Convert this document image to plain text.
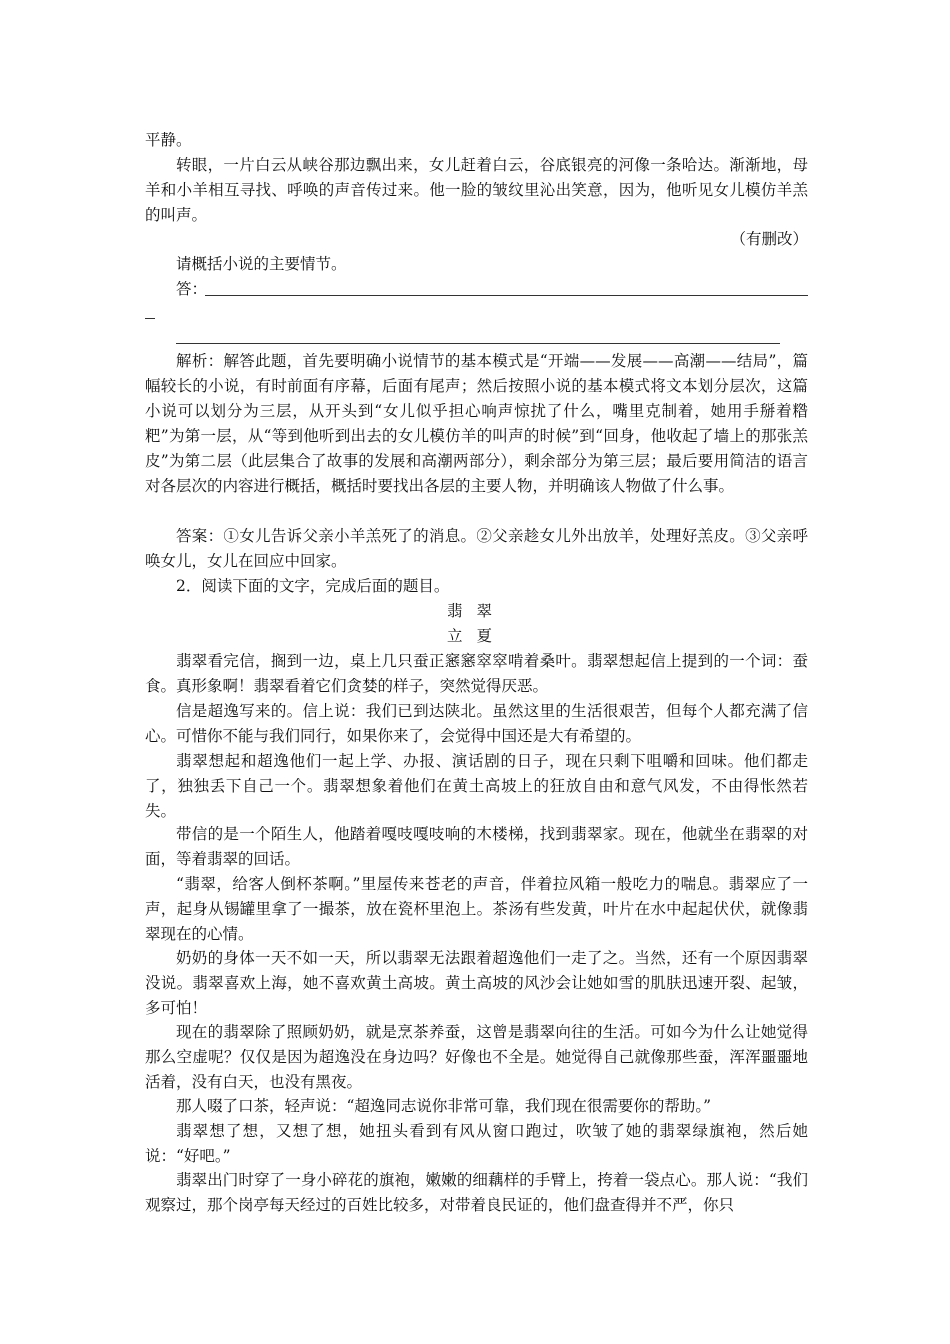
平静。

转眼，一片白云从峡谷那边飘出来，女儿赶着白云，谷底银亮的河像一条哈达。渐渐地，母羊和小羊相互寻找、呼唤的声音传过来。他一脸的皱纹里沁出笑意，因为，他听见女儿模仿羊羔的叫声。

（有删改）

请概括小说的主要情节。

答：

解析：解答此题，首先要明确小说情节的基本模式是“开端——发展——高潮——结局”，篇幅较长的小说，有时前面有序幕，后面有尾声；然后按照小说的基本模式将文本划分层次，这篇小说可以划分为三层，从开头到“女儿似乎担心响声惊扰了什么，嘴里克制着，她用手掰着糌粑”为第一层，从“等到他听到出去的女儿模仿羊的叫声的时候”到“回身，他收起了墙上的那张羔皮”为第二层（此层集合了故事的发展和高潮两部分），剩余部分为第三层；最后要用简洁的语言对各层次的内容进行概括，概括时要找出各层的主要人物，并明确该人物做了什么事。

答案：①女儿告诉父亲小羊羔死了的消息。②父亲趁女儿外出放羊，处理好羔皮。③父亲呼唤女儿，女儿在回应中回家。

2．阅读下面的文字，完成后面的题目。

翡翠

立夏

翡翠看完信，搁到一边，桌上几只蚕正窸窸窣窣啃着桑叶。翡翠想起信上提到的一个词：蚕食。真形象啊！翡翠看着它们贪婪的样子，突然觉得厌恶。

信是超逸写来的。信上说：我们已到达陕北。虽然这里的生活很艰苦，但每个人都充满了信心。可惜你不能与我们同行，如果你来了，会觉得中国还是大有希望的。

翡翠想起和超逸他们一起上学、办报、演话剧的日子，现在只剩下咀嚼和回味。他们都走了，独独丢下自己一个。翡翠想象着他们在黄土高坡上的狂放自由和意气风发，不由得怅然若失。

带信的是一个陌生人，他踏着嘎吱嘎吱响的木楼梯，找到翡翠家。现在，他就坐在翡翠的对面，等着翡翠的回话。

“翡翠，给客人倒杯茶啊。”里屋传来苍老的声音，伴着拉风箱一般吃力的喘息。翡翠应了一声，起身从锡罐里拿了一撮茶，放在瓷杯里泡上。茶汤有些发黄，叶片在水中起起伏伏，就像翡翠现在的心情。

奶奶的身体一天不如一天，所以翡翠无法跟着超逸他们一走了之。当然，还有一个原因翡翠没说。翡翠喜欢上海，她不喜欢黄土高坡。黄土高坡的风沙会让她如雪的肌肤迅速开裂、起皱，多可怕！

现在的翡翠除了照顾奶奶，就是烹茶养蚕，这曾是翡翠向往的生活。可如今为什么让她觉得那么空虚呢？仅仅是因为超逸没在身边吗？好像也不全是。她觉得自己就像那些蚕，浑浑噩噩地活着，没有白天，也没有黑夜。

那人啜了口茶，轻声说：“超逸同志说你非常可靠，我们现在很需要你的帮助。”

翡翠想了想，又想了想，她扭头看到有风从窗口跑过，吹皱了她的翡翠绿旗袍，然后她说：“好吧。”

翡翠出门时穿了一身小碎花的旗袍，嫩嫩的细藕样的手臂上，挎着一袋点心。那人说：“我们观察过，那个岗亭每天经过的百姓比较多，对带着良民证的，他们盘查得并不严，你只
